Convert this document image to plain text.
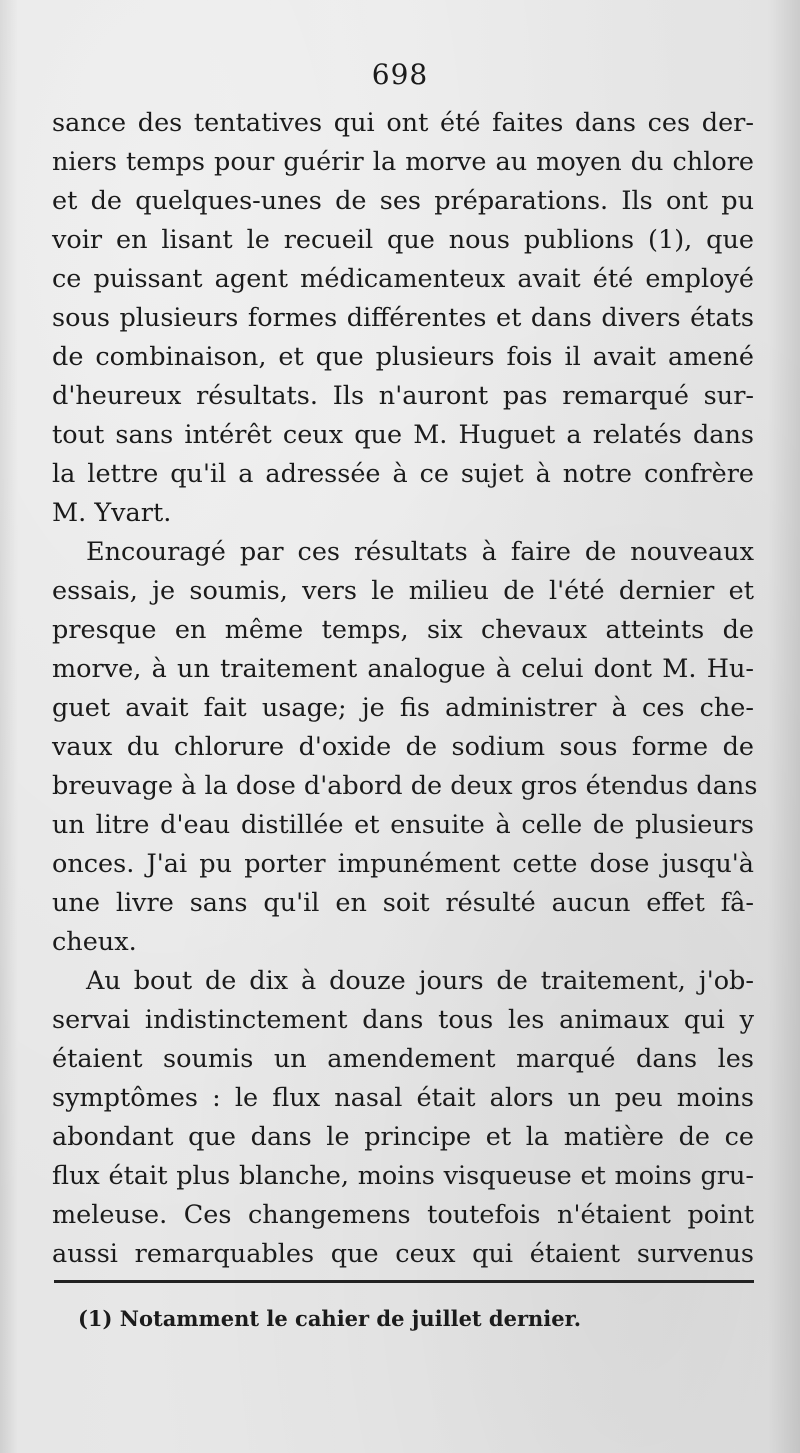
698
sance des tentatives qui ont été faites dans ces der-
niers temps pour guérir la morve au moyen du chlore
et de quelques-unes de ses préparations. Ils ont pu
voir en lisant le recueil que nous publions (1), que
ce puissant agent médicamenteux avait été employé
sous plusieurs formes différentes et dans divers états
de combinaison, et que plusieurs fois il avait amené
d'heureux résultats. Ils n'auront pas remarqué sur-
tout sans intérêt ceux que M. Huguet a relatés dans
la lettre qu'il a adressée à ce sujet à notre confrère
M. Yvart.
Encouragé par ces résultats à faire de nouveaux
essais, je soumis, vers le milieu de l'été dernier et
presque en même temps, six chevaux atteints de
morve, à un traitement analogue à celui dont M. Hu-
guet avait fait usage; je fis administrer à ces che-
vaux du chlorure d'oxide de sodium sous forme de
breuvage à la dose d'abord de deux gros étendus dans
un litre d'eau distillée et ensuite à celle de plusieurs
onces. J'ai pu porter impunément cette dose jusqu'à
une livre sans qu'il en soit résulté aucun effet fâ-
cheux.
Au bout de dix à douze jours de traitement, j'ob-
servai indistinctement dans tous les animaux qui y
étaient soumis un amendement marqué dans les
symptômes : le flux nasal était alors un peu moins
abondant que dans le principe et la matière de ce
flux était plus blanche, moins visqueuse et moins gru-
meleuse. Ces changemens toutefois n'étaient point
aussi remarquables que ceux qui étaient survenus
(1) Notamment le cahier de juillet dernier.
